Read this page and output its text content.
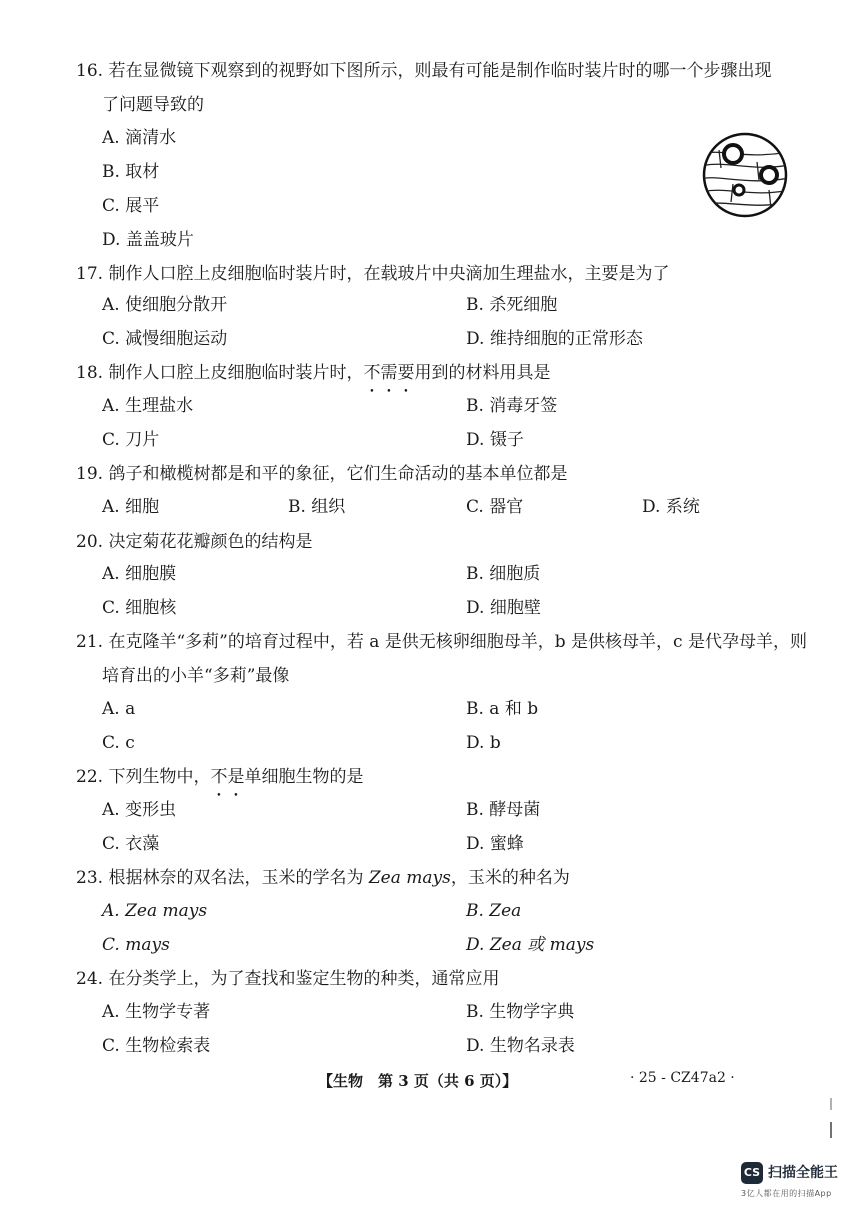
16. 若在显微镜下观察到的视野如下图所示，则最有可能是制作临时装片时的哪一个步骤出现
了问题导致的
A. 滴清水
B. 取材
C. 展平
D. 盖盖玻片
17. 制作人口腔上皮细胞临时装片时，在载玻片中央滴加生理盐水，主要是为了
A. 使细胞分散开	B. 杀死细胞
C. 减慢细胞运动	D. 维持细胞的正常形态
18. 制作人口腔上皮细胞临时装片时，不需要用到的材料用具是
A. 生理盐水	B. 消毒牙签
C. 刀片	D. 镊子
19. 鸽子和橄榄树都是和平的象征，它们生命活动的基本单位都是
A. 细胞	B. 组织	C. 器官	D. 系统
20. 决定菊花花瓣颜色的结构是
A. 细胞膜	B. 细胞质
C. 细胞核	D. 细胞壁
21. 在克隆羊“多莉”的培育过程中，若 a 是供无核卵细胞母羊，b 是供核母羊，c 是代孕母羊，则
培育出的小羊“多莉”最像
A. a	B. a 和 b
C. c	D. b
22. 下列生物中，不是单细胞生物的是
A. 变形虫	B. 酵母菌
C. 衣藻	D. 蜜蜂
23. 根据林奈的双名法，玉米的学名为 Zea mays，玉米的种名为
A. Zea mays	B. Zea
C. mays	D. Zea 或 mays
24. 在分类学上，为了查找和鉴定生物的种类，通常应用
A. 生物学专著	B. 生物学字典
C. 生物检索表	D. 生物名录表
【生物　第 3 页（共 6 页）】	· 25 - CZ47a2 ·
CS 扫描全能王
3亿人都在用的扫描App
